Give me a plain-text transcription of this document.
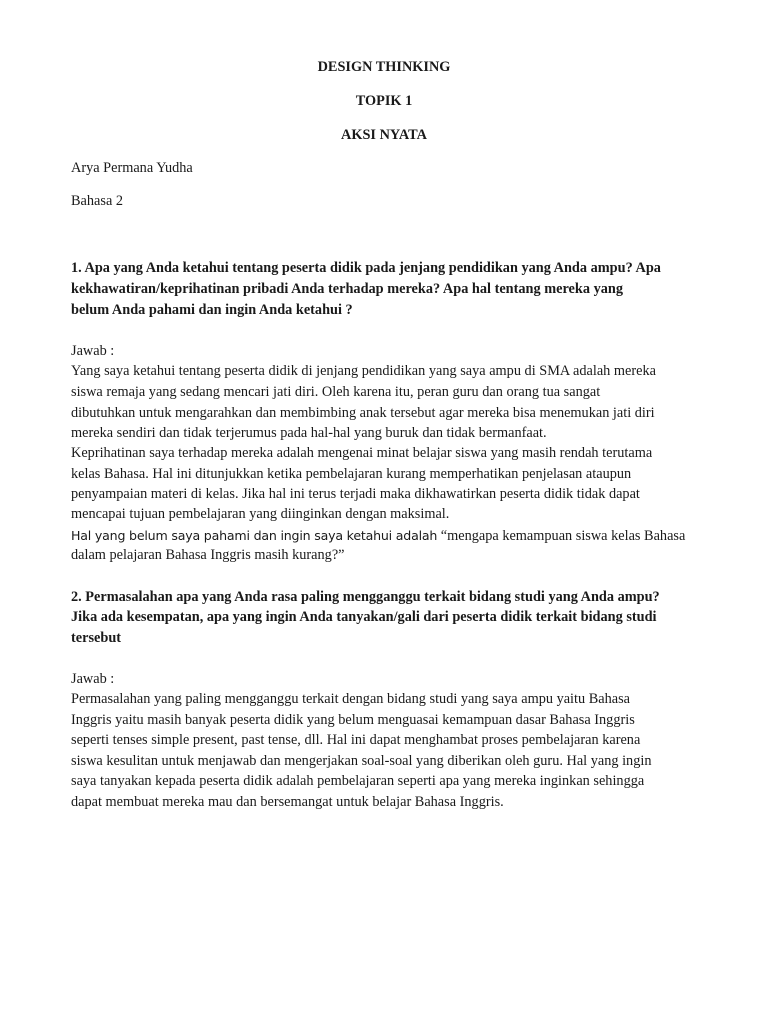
DESIGN THINKING
TOPIK 1
AKSI NYATA
Arya Permana Yudha
Bahasa 2
1. Apa yang Anda ketahui tentang peserta didik pada jenjang pendidikan yang Anda ampu? Apa
kekhawatiran/keprihatinan pribadi Anda terhadap mereka? Apa hal tentang mereka yang
belum Anda pahami dan ingin Anda ketahui ?
Jawab :
Yang saya ketahui tentang peserta didik di jenjang pendidikan yang saya ampu di SMA adalah mereka
siswa remaja yang sedang mencari jati diri. Oleh karena itu, peran guru dan orang tua sangat
dibutuhkan untuk mengarahkan dan membimbing anak tersebut agar mereka bisa menemukan jati diri
mereka sendiri dan tidak terjerumus pada hal-hal yang buruk dan tidak bermanfaat.
Keprihatinan saya terhadap mereka adalah mengenai minat belajar siswa yang masih rendah terutama
kelas Bahasa. Hal ini ditunjukkan ketika pembelajaran kurang memperhatikan penjelasan ataupun
penyampaian materi di kelas. Jika hal ini terus terjadi maka dikhawatirkan peserta didik tidak dapat
mencapai tujuan pembelajaran yang diinginkan dengan maksimal.
Hal yang belum saya pahami dan ingin saya ketahui adalah “mengapa kemampuan siswa kelas Bahasa
dalam pelajaran Bahasa Inggris masih kurang?”
2. Permasalahan apa yang Anda rasa paling mengganggu terkait bidang studi yang Anda ampu?
Jika ada kesempatan, apa yang ingin Anda tanyakan/gali dari peserta didik terkait bidang studi
tersebut
Jawab :
Permasalahan yang paling mengganggu terkait dengan bidang studi yang saya ampu yaitu Bahasa
Inggris yaitu masih banyak peserta didik yang belum menguasai kemampuan dasar Bahasa Inggris
seperti tenses simple present, past tense, dll. Hal ini dapat menghambat proses pembelajaran karena
siswa kesulitan untuk menjawab dan mengerjakan soal-soal yang diberikan oleh guru. Hal yang ingin
saya tanyakan kepada peserta didik adalah pembelajaran seperti apa yang mereka inginkan sehingga
dapat membuat mereka mau dan bersemangat untuk belajar Bahasa Inggris.
